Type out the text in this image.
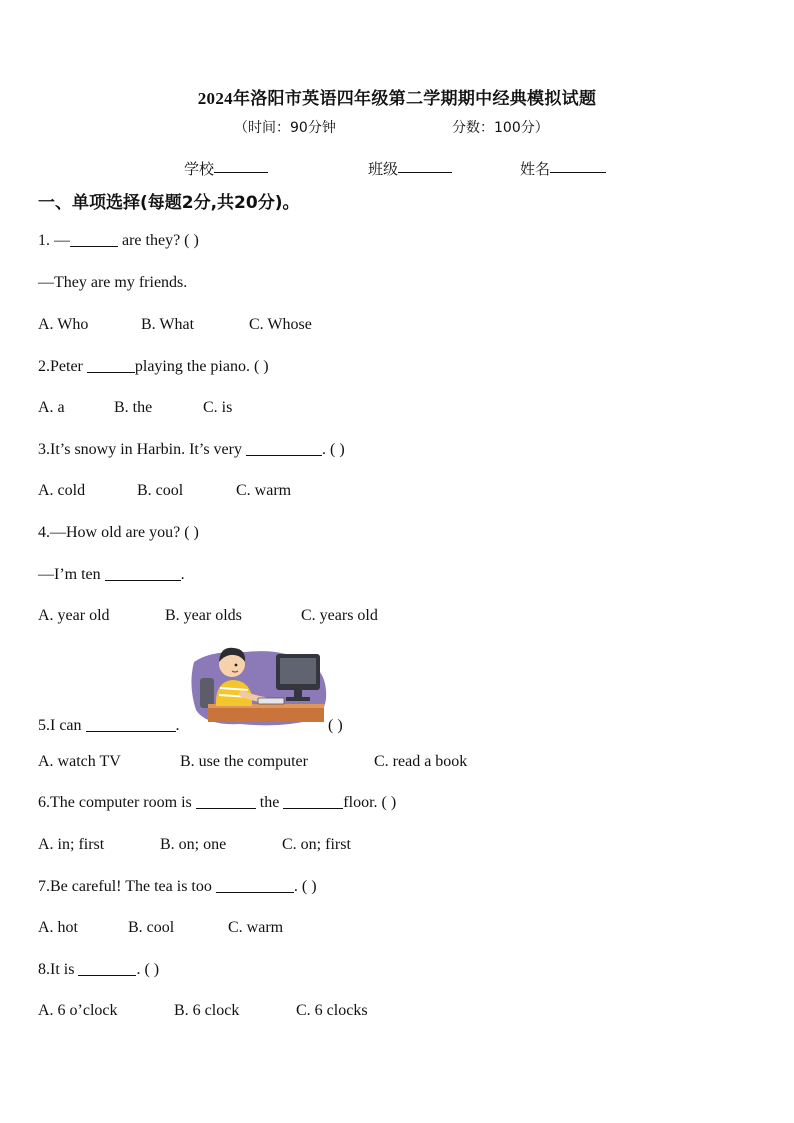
2024年洛阳市英语四年级第二学期期中经典模拟试题
（时间：90分钟	分数：100分）
学校	班级	姓名
一、单项选择(每题2分,共20分)。
1. —	are they? ( )
—They are my friends.
A. Who	B. What	C. Whose
2.Peter	playing the piano. ( )
A. a	B. the	C. is
3.It’s snowy in Harbin. It’s very	. ( )
A. cold	B. cool	C. warm
4.—How old are you? ( )
—I’m ten	.
A. year old	B. year olds	C. years old
5.I can	.	( )
A. watch TV	B. use the computer	C. read a book
6.The computer room is	the	floor. ( )
A. in; first	B. on; one	C. on; first
7.Be careful! The tea is too	. ( )
A. hot	B. cool	C. warm
8.It is	. ( )
A. 6 o’clock	B. 6 clock	C. 6 clocks
